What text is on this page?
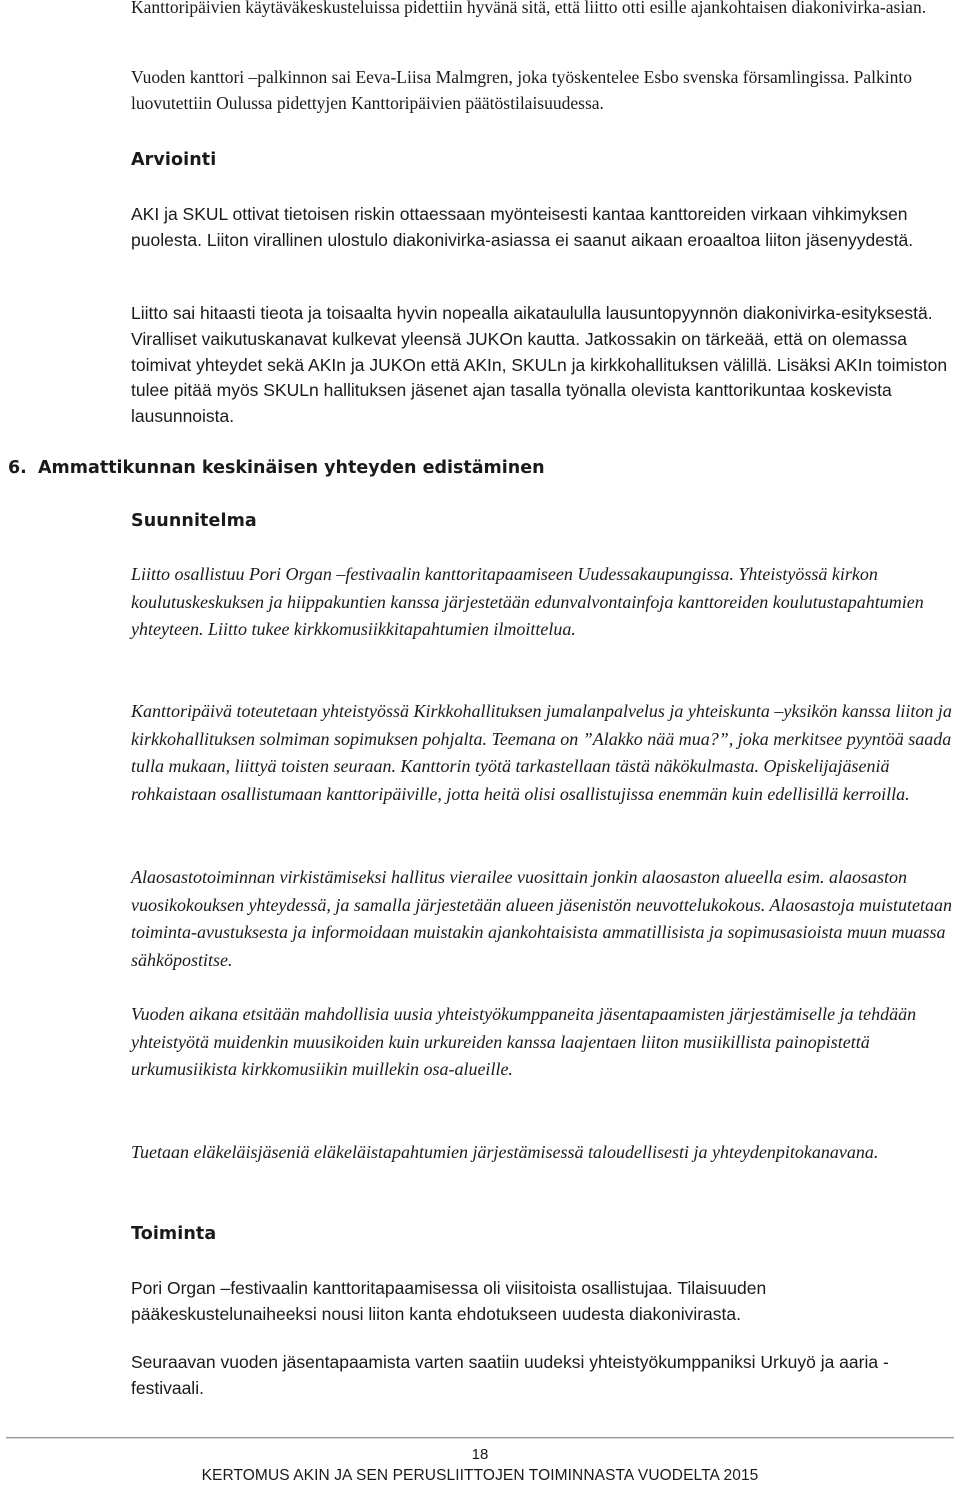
Kanttoripäivien käytäväkeskusteluissa pidettiin hyvänä sitä, että liitto otti esille ajankohtaisen diakonivirka-asian.

Vuoden kanttori –palkinnon sai Eeva-Liisa Malmgren, joka työskentelee Esbo svenska församlingissa. Palkinto luovutettiin Oulussa pidettyjen Kanttoripäivien päätöstilaisuudessa.

Arviointi

AKI ja SKUL ottivat tietoisen riskin ottaessaan myönteisesti kantaa kanttoreiden virkaan vihkimyksen puolesta. Liiton virallinen ulostulo diakonivirka-asiassa ei saanut aikaan eroaaltoa liiton jäsenyydestä.

Liitto sai hitaasti tieota ja toisaalta hyvin nopealla aikataululla lausuntopyynnön diakonivirka-esityksestä. Viralliset vaikutuskanavat kulkevat yleensä JUKOn kautta. Jatkossakin on tärkeää, että on olemassa toimivat yhteydet sekä AKIn ja JUKOn että AKIn, SKULn ja kirkkohallituksen välillä. Lisäksi AKIn toimiston tulee pitää myös SKULn hallituksen jäsenet ajan tasalla työnalla olevista kanttorikuntaa koskevista lausunnoista.

6. Ammattikunnan keskinäisen yhteyden edistäminen
Suunnitelma

Liitto osallistuu Pori Organ –festivaalin kanttoritapaamiseen Uudessakaupungissa. Yhteistyössä kirkon koulutuskeskuksen ja hiippakuntien kanssa järjestetään edunvalvontainfoja kanttoreiden koulutustapahtumien yhteyteen. Liitto tukee kirkkomusiikkitapahtumien ilmoittelua.

Kanttoripäivä toteutetaan yhteistyössä Kirkkohallituksen jumalanpalvelus ja yhteiskunta –yksikön kanssa liiton ja kirkkohallituksen solmiman sopimuksen pohjalta. Teemana on ”Alakko nää mua?”, joka merkitsee pyyntöä saada tulla mukaan, liittyä toisten seuraan. Kanttorin työtä tarkastellaan tästä näkökulmasta. Opiskelijajäseniä rohkaistaan osallistumaan kanttoripäiville, jotta heitä olisi osallistujissa enemmän kuin edellisillä kerroilla.

Alaosastotoiminnan virkistämiseksi hallitus vierailee vuosittain jonkin alaosaston alueella esim. alaosaston vuosikokouksen yhteydessä, ja samalla järjestetään alueen jäsenistön neuvottelukokous. Alaosastoja muistutetaan toiminta-avustuksesta ja informoidaan muistakin ajankohtaisista ammatillisista ja sopimusasioista muun muassa sähköpostitse.

Vuoden aikana etsitään mahdollisia uusia yhteistyökumppaneita jäsentapaamisten järjestämiselle ja tehdään yhteistyötä muidenkin muusikoiden kuin urkureiden kanssa laajentaen liiton musiikillista painopistettä urkumusiikista kirkkomusiikin muillekin osa-alueille.

Tuetaan eläkeläisjäseniä eläkeläistapahtumien järjestämisessä taloudellisesti ja yhteydenpitokanavana.

Toiminta

Pori Organ –festivaalin kanttoritapaamisessa oli viisitoista osallistujaa. Tilaisuuden pääkeskustelunaiheeksi nousi liiton kanta ehdotukseen uudesta diakonivirasta.

Seuraavan vuoden jäsentapaamista varten saatiin uudeksi yhteistyökumppaniksi Urkuyö ja aaria -festivaali.

18
KERTOMUS AKIN JA SEN PERUSLIITTOJEN TOIMINNASTA VUODELTA 2015
